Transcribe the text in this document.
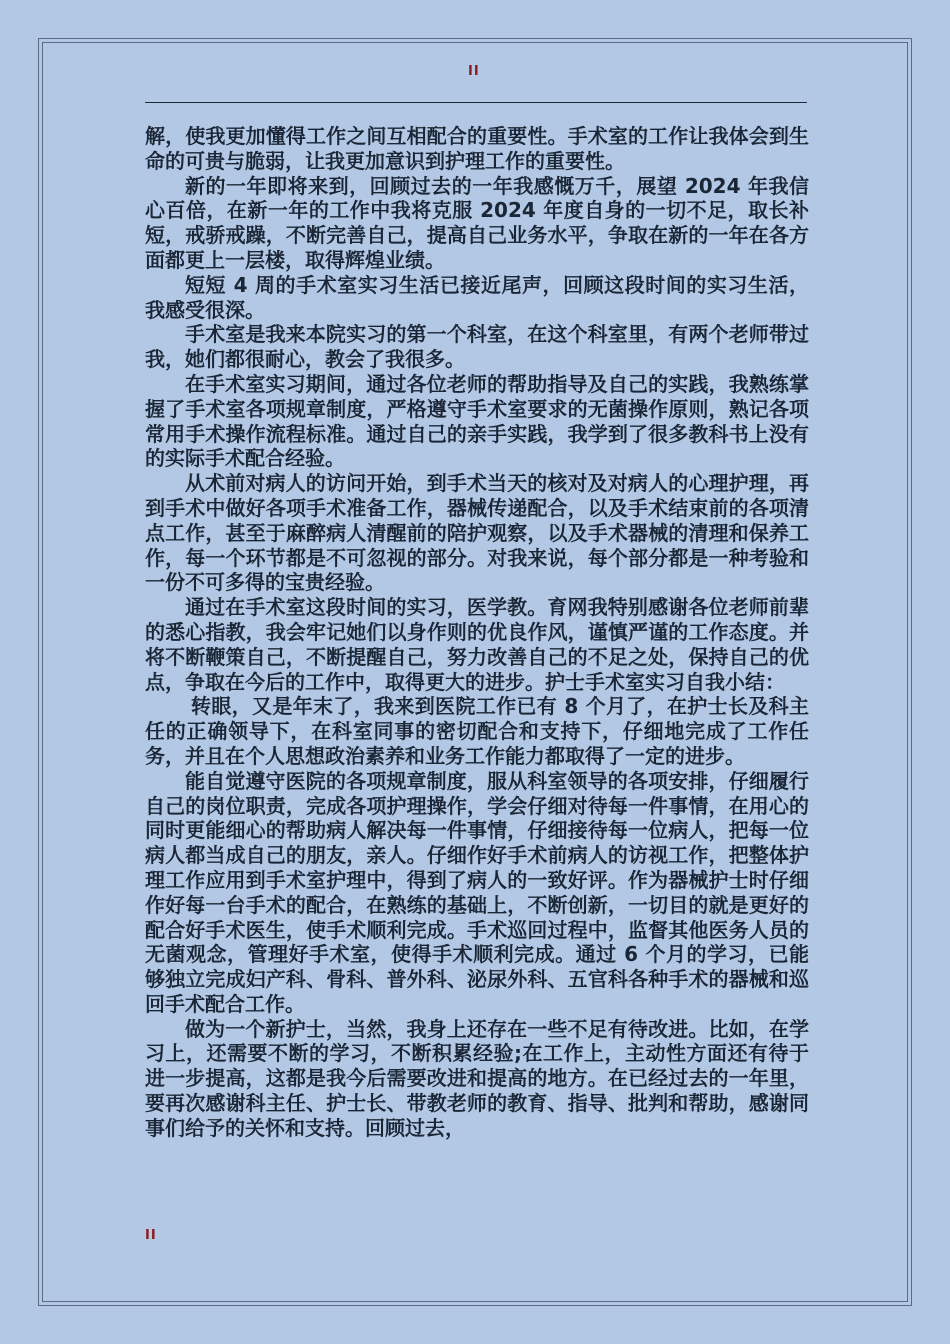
II

解，使我更加懂得工作之间互相配合的重要性。手术室的工作让我体会到生命的可贵与脆弱，让我更加意识到护理工作的重要性。

新的一年即将来到，回顾过去的一年我感慨万千，展望 2024 年我信心百倍，在新一年的工作中我将克服 2024 年度自身的一切不足，取长补短，戒骄戒躁，不断完善自己，提高自己业务水平，争取在新的一年在各方面都更上一层楼，取得辉煌业绩。

短短 4 周的手术室实习生活已接近尾声，回顾这段时间的实习生活，我感受很深。

手术室是我来本院实习的第一个科室，在这个科室里，有两个老师带过我，她们都很耐心，教会了我很多。

在手术室实习期间，通过各位老师的帮助指导及自己的实践，我熟练掌握了手术室各项规章制度，严格遵守手术室要求的无菌操作原则，熟记各项常用手术操作流程标准。通过自己的亲手实践，我学到了很多教科书上没有的实际手术配合经验。

从术前对病人的访问开始，到手术当天的核对及对病人的心理护理，再到手术中做好各项手术准备工作，器械传递配合，以及手术结束前的各项清点工作，甚至于麻醉病人清醒前的陪护观察，以及手术器械的清理和保养工作，每一个环节都是不可忽视的部分。对我来说，每个部分都是一种考验和一份不可多得的宝贵经验。

通过在手术室这段时间的实习，医学教。育网我特别感谢各位老师前辈的悉心指教，我会牢记她们以身作则的优良作风，谨慎严谨的工作态度。并将不断鞭策自己，不断提醒自己，努力改善自己的不足之处，保持自己的优点，争取在今后的工作中，取得更大的进步。护士手术室实习自我小结：

转眼，又是年末了，我来到医院工作已有 8 个月了，在护士长及科主任的正确领导下，在科室同事的密切配合和支持下，仔细地完成了工作任务，并且在个人思想政治素养和业务工作能力都取得了一定的进步。

能自觉遵守医院的各项规章制度，服从科室领导的各项安排，仔细履行自己的岗位职责，完成各项护理操作，学会仔细对待每一件事情，在用心的同时更能细心的帮助病人解决每一件事情，仔细接待每一位病人，把每一位病人都当成自己的朋友，亲人。仔细作好手术前病人的访视工作，把整体护理工作应用到手术室护理中，得到了病人的一致好评。作为器械护士时仔细作好每一台手术的配合，在熟练的基础上，不断创新，一切目的就是更好的配合好手术医生，使手术顺利完成。手术巡回过程中，监督其他医务人员的无菌观念，管理好手术室，使得手术顺利完成。通过 6 个月的学习，已能够独立完成妇产科、骨科、普外科、泌尿外科、五官科各种手术的器械和巡回手术配合工作。

做为一个新护士，当然，我身上还存在一些不足有待改进。比如，在学习上，还需要不断的学习，不断积累经验;在工作上，主动性方面还有待于进一步提高，这都是我今后需要改进和提高的地方。在已经过去的一年里，要再次感谢科主任、护士长、带教老师的教育、指导、批判和帮助，感谢同事们给予的关怀和支持。回顾过去，

II
